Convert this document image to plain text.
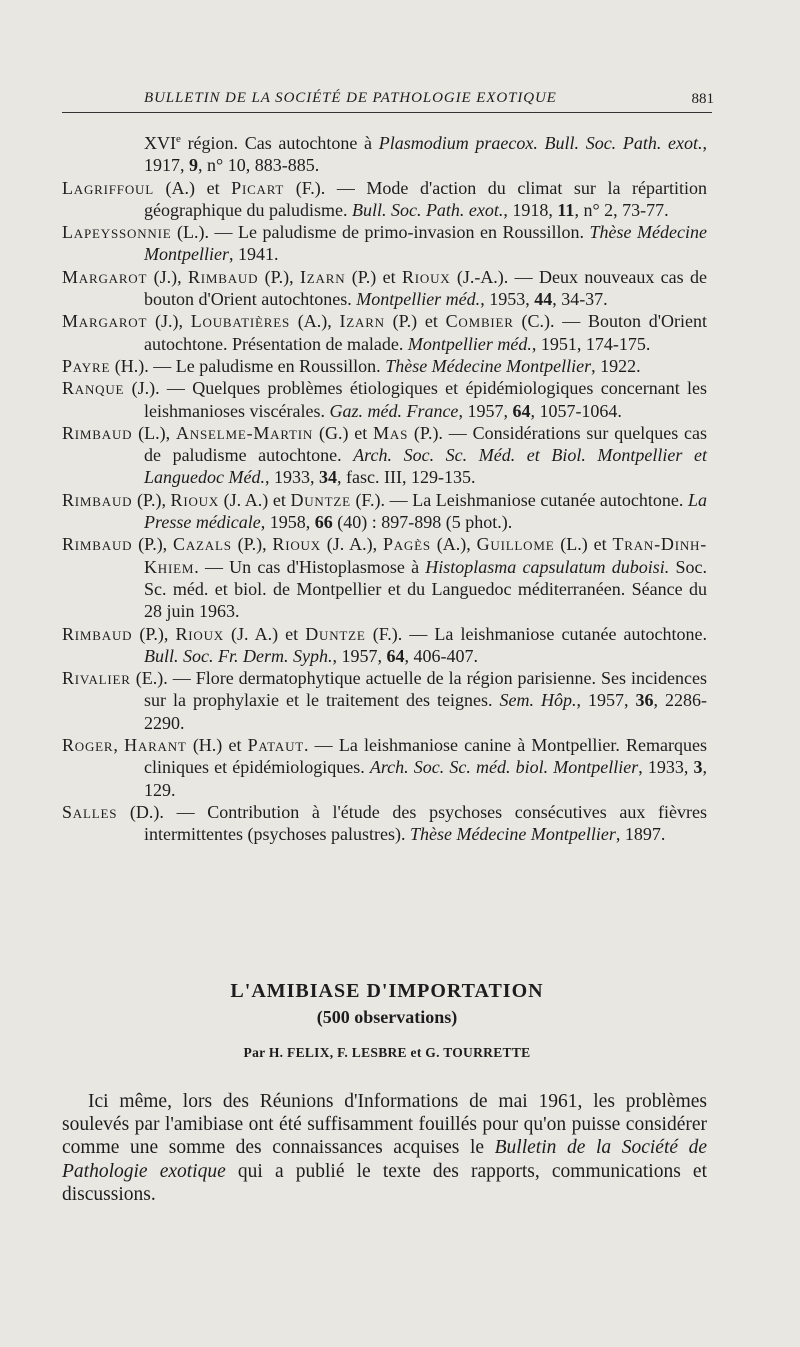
BULLETIN DE LA SOCIÉTÉ DE PATHOLOGIE EXOTIQUE	881

XVIe région. Cas autochtone à Plasmodium praecox. Bull. Soc. Path. exot., 1917, 9, n° 10, 883-885.

Lagriffoul (A.) et Picart (F.). — Mode d'action du climat sur la répartition géographique du paludisme. Bull. Soc. Path. exot., 1918, 11, n° 2, 73-77.

Lapeyssonnie (L.). — Le paludisme de primo-invasion en Roussillon. Thèse Médecine Montpellier, 1941.

Margarot (J.), Rimbaud (P.), Izarn (P.) et Rioux (J.-A.). — Deux nouveaux cas de bouton d'Orient autochtones. Montpellier méd., 1953, 44, 34-37.

Margarot (J.), Loubatières (A.), Izarn (P.) et Combier (C.). — Bouton d'Orient autochtone. Présentation de malade. Montpellier méd., 1951, 174-175.

Payre (H.). — Le paludisme en Roussillon. Thèse Médecine Montpellier, 1922.

Ranque (J.). — Quelques problèmes étiologiques et épidémiologiques concernant les leishmanioses viscérales. Gaz. méd. France, 1957, 64, 1057-1064.

Rimbaud (L.), Anselme-Martin (G.) et Mas (P.). — Considérations sur quelques cas de paludisme autochtone. Arch. Soc. Sc. Méd. et Biol. Montpellier et Languedoc Méd., 1933, 34, fasc. III, 129-135.

Rimbaud (P.), Rioux (J. A.) et Duntze (F.). — La Leishmaniose cutanée autochtone. La Presse médicale, 1958, 66 (40) : 897-898 (5 phot.).

Rimbaud (P.), Cazals (P.), Rioux (J. A.), Pagès (A.), Guillome (L.) et Tran-Dinh-Khiem. — Un cas d'Histoplasmose à Histoplasma capsulatum duboisi. Soc. Sc. méd. et biol. de Montpellier et du Languedoc méditerranéen. Séance du 28 juin 1963.

Rimbaud (P.), Rioux (J. A.) et Duntze (F.). — La leishmaniose cutanée autochtone. Bull. Soc. Fr. Derm. Syph., 1957, 64, 406-407.

Rivalier (E.). — Flore dermatophytique actuelle de la région parisienne. Ses incidences sur la prophylaxie et le traitement des teignes. Sem. Hôp., 1957, 36, 2286-2290.

Roger, Harant (H.) et Pataut. — La leishmaniose canine à Montpellier. Remarques cliniques et épidémiologiques. Arch. Soc. Sc. méd. biol. Montpellier, 1933, 3, 129.

Salles (D.). — Contribution à l'étude des psychoses consécutives aux fièvres intermittentes (psychoses palustres). Thèse Médecine Montpellier, 1897.

L'AMIBIASE D'IMPORTATION
(500 observations)
Par H. FELIX, F. LESBRE et G. TOURRETTE

Ici même, lors des Réunions d'Informations de mai 1961, les problèmes soulevés par l'amibiase ont été suffisamment fouillés pour qu'on puisse considérer comme une somme des connaissances acquises le Bulletin de la Société de Pathologie exotique qui a publié le texte des rapports, communications et discussions.
